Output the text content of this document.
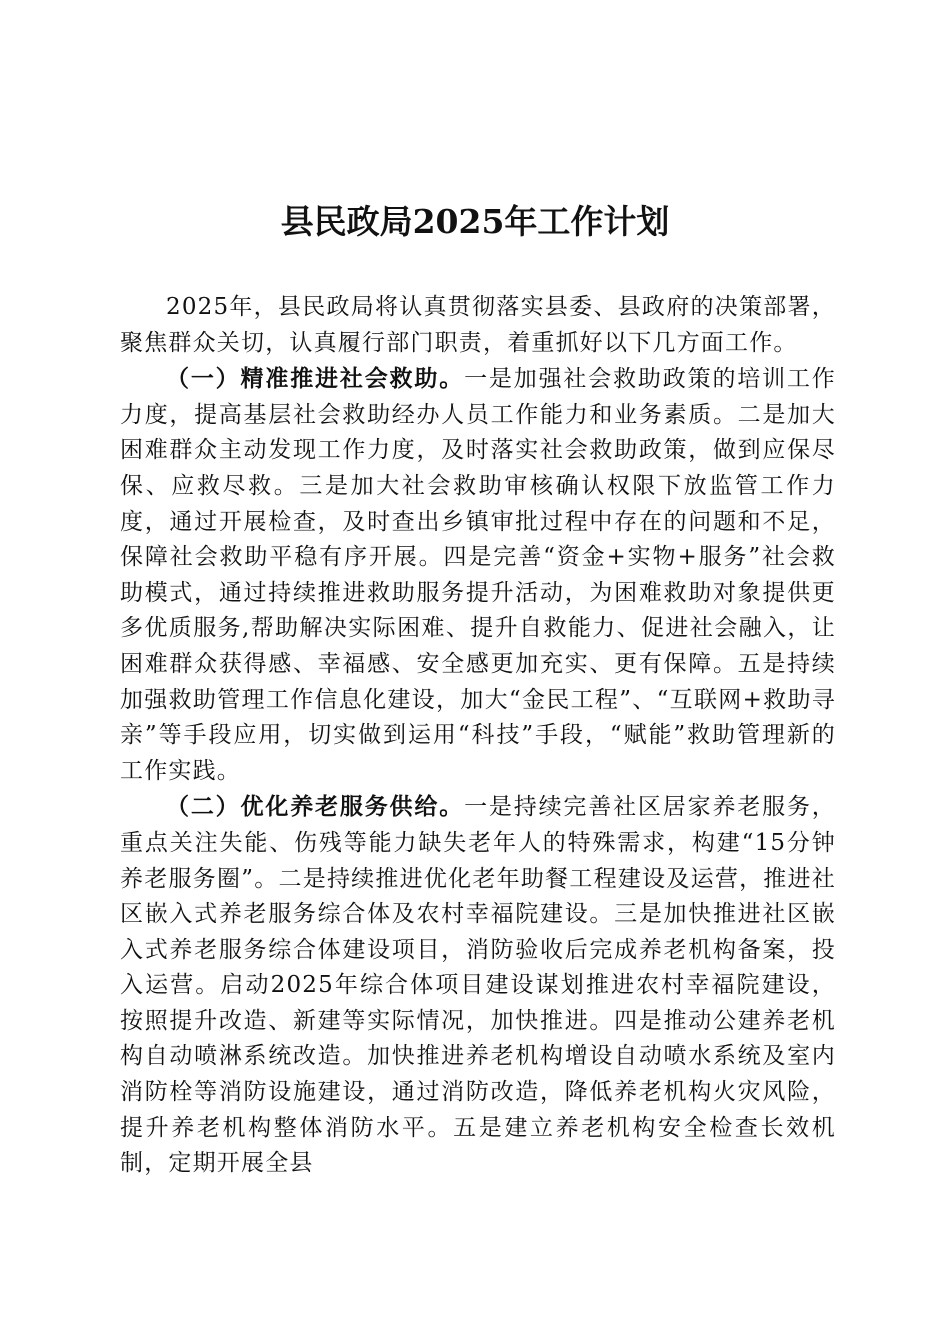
县民政局2025年工作计划

2025年，县民政局将认真贯彻落实县委、县政府的决策部署，聚焦群众关切，认真履行部门职责，着重抓好以下几方面工作。

（一）精准推进社会救助。一是加强社会救助政策的培训工作力度，提高基层社会救助经办人员工作能力和业务素质。二是加大困难群众主动发现工作力度，及时落实社会救助政策，做到应保尽保、应救尽救。三是加大社会救助审核确认权限下放监管工作力度，通过开展检查，及时查出乡镇审批过程中存在的问题和不足，保障社会救助平稳有序开展。四是完善“资金+实物+服务”社会救助模式，通过持续推进救助服务提升活动，为困难救助对象提供更多优质服务,帮助解决实际困难、提升自救能力、促进社会融入，让困难群众获得感、幸福感、安全感更加充实、更有保障。五是持续加强救助管理工作信息化建设，加大“金民工程”、“互联网+救助寻亲”等手段应用，切实做到运用“科技”手段，“赋能”救助管理新的工作实践。

（二）优化养老服务供给。一是持续完善社区居家养老服务，重点关注失能、伤残等能力缺失老年人的特殊需求，构建“15分钟养老服务圈”。二是持续推进优化老年助餐工程建设及运营，推进社区嵌入式养老服务综合体及农村幸福院建设。三是加快推进社区嵌入式养老服务综合体建设项目，消防验收后完成养老机构备案，投入运营。启动2025年综合体项目建设谋划推进农村幸福院建设，按照提升改造、新建等实际情况，加快推进。四是推动公建养老机构自动喷淋系统改造。加快推进养老机构增设自动喷水系统及室内消防栓等消防设施建设，通过消防改造，降低养老机构火灾风险，提升养老机构整体消防水平。五是建立养老机构安全检查长效机制，定期开展全县
